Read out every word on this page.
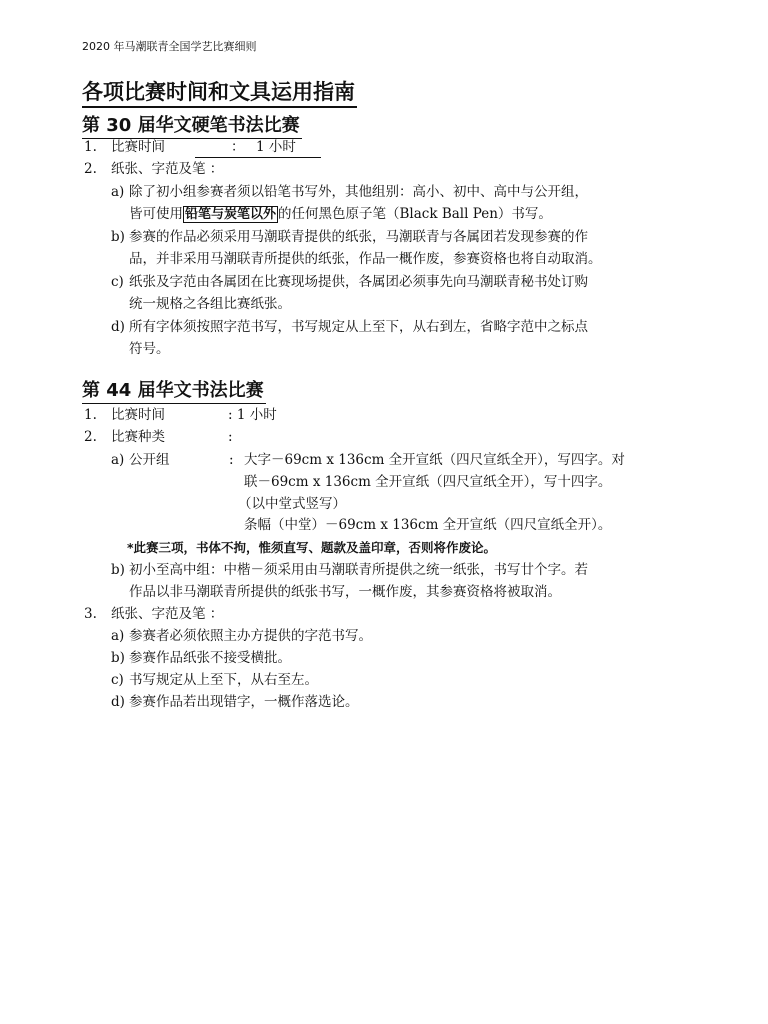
2020 年马潮联青全国学艺比赛细则
各项比赛时间和文具运用指南
第 30 届华文硬笔书法比赛
1. 比赛时间	： 1 小时
2. 纸张、字范及笔 ：
a) 除了初小组参赛者须以铅笔书写外，其他组别：高小、初中、高中与公开组，
皆可使用 铅笔与炭笔以外 的任何黑色原子笔（Black Ball Pen）书写。
b) 参赛的作品必须采用马潮联青提供的纸张，马潮联青与各属团若发现参赛的作
品，并非采用马潮联青所提供的纸张，作品一概作废，参赛资格也将自动取消。
c) 纸张及字范由各属团在比赛现场提供，各属团必须事先向马潮联青秘书处订购
统一规格之各组比赛纸张。
d) 所有字体须按照字范书写，书写规定从上至下，从右到左，省略字范中之标点
符号。
第 44 届华文书法比赛
1. 比赛时间	: 1 小时
2. 比赛种类	:
a) 公开组	: 大字－69cm x 136cm 全开宣纸（四尺宣纸全开），写四字。对
联－69cm x 136cm 全开宣纸（四尺宣纸全开），写十四字。
（以中堂式竖写）
条幅（中堂）－69cm x 136cm 全开宣纸（四尺宣纸全开）。
*此赛三项，书体不拘，惟须直写、题款及盖印章，否则将作废论。
b) 初小至高中组：中楷－须采用由马潮联青所提供之统一纸张，书写廿个字。若
作品以非马潮联青所提供的纸张书写，一概作废，其参赛资格将被取消。
3. 纸张、字范及笔 ：
a) 参赛者必须依照主办方提供的字范书写。
b) 参赛作品纸张不接受横批。
c) 书写规定从上至下，从右至左。
d) 参赛作品若出现错字，一概作落选论。
